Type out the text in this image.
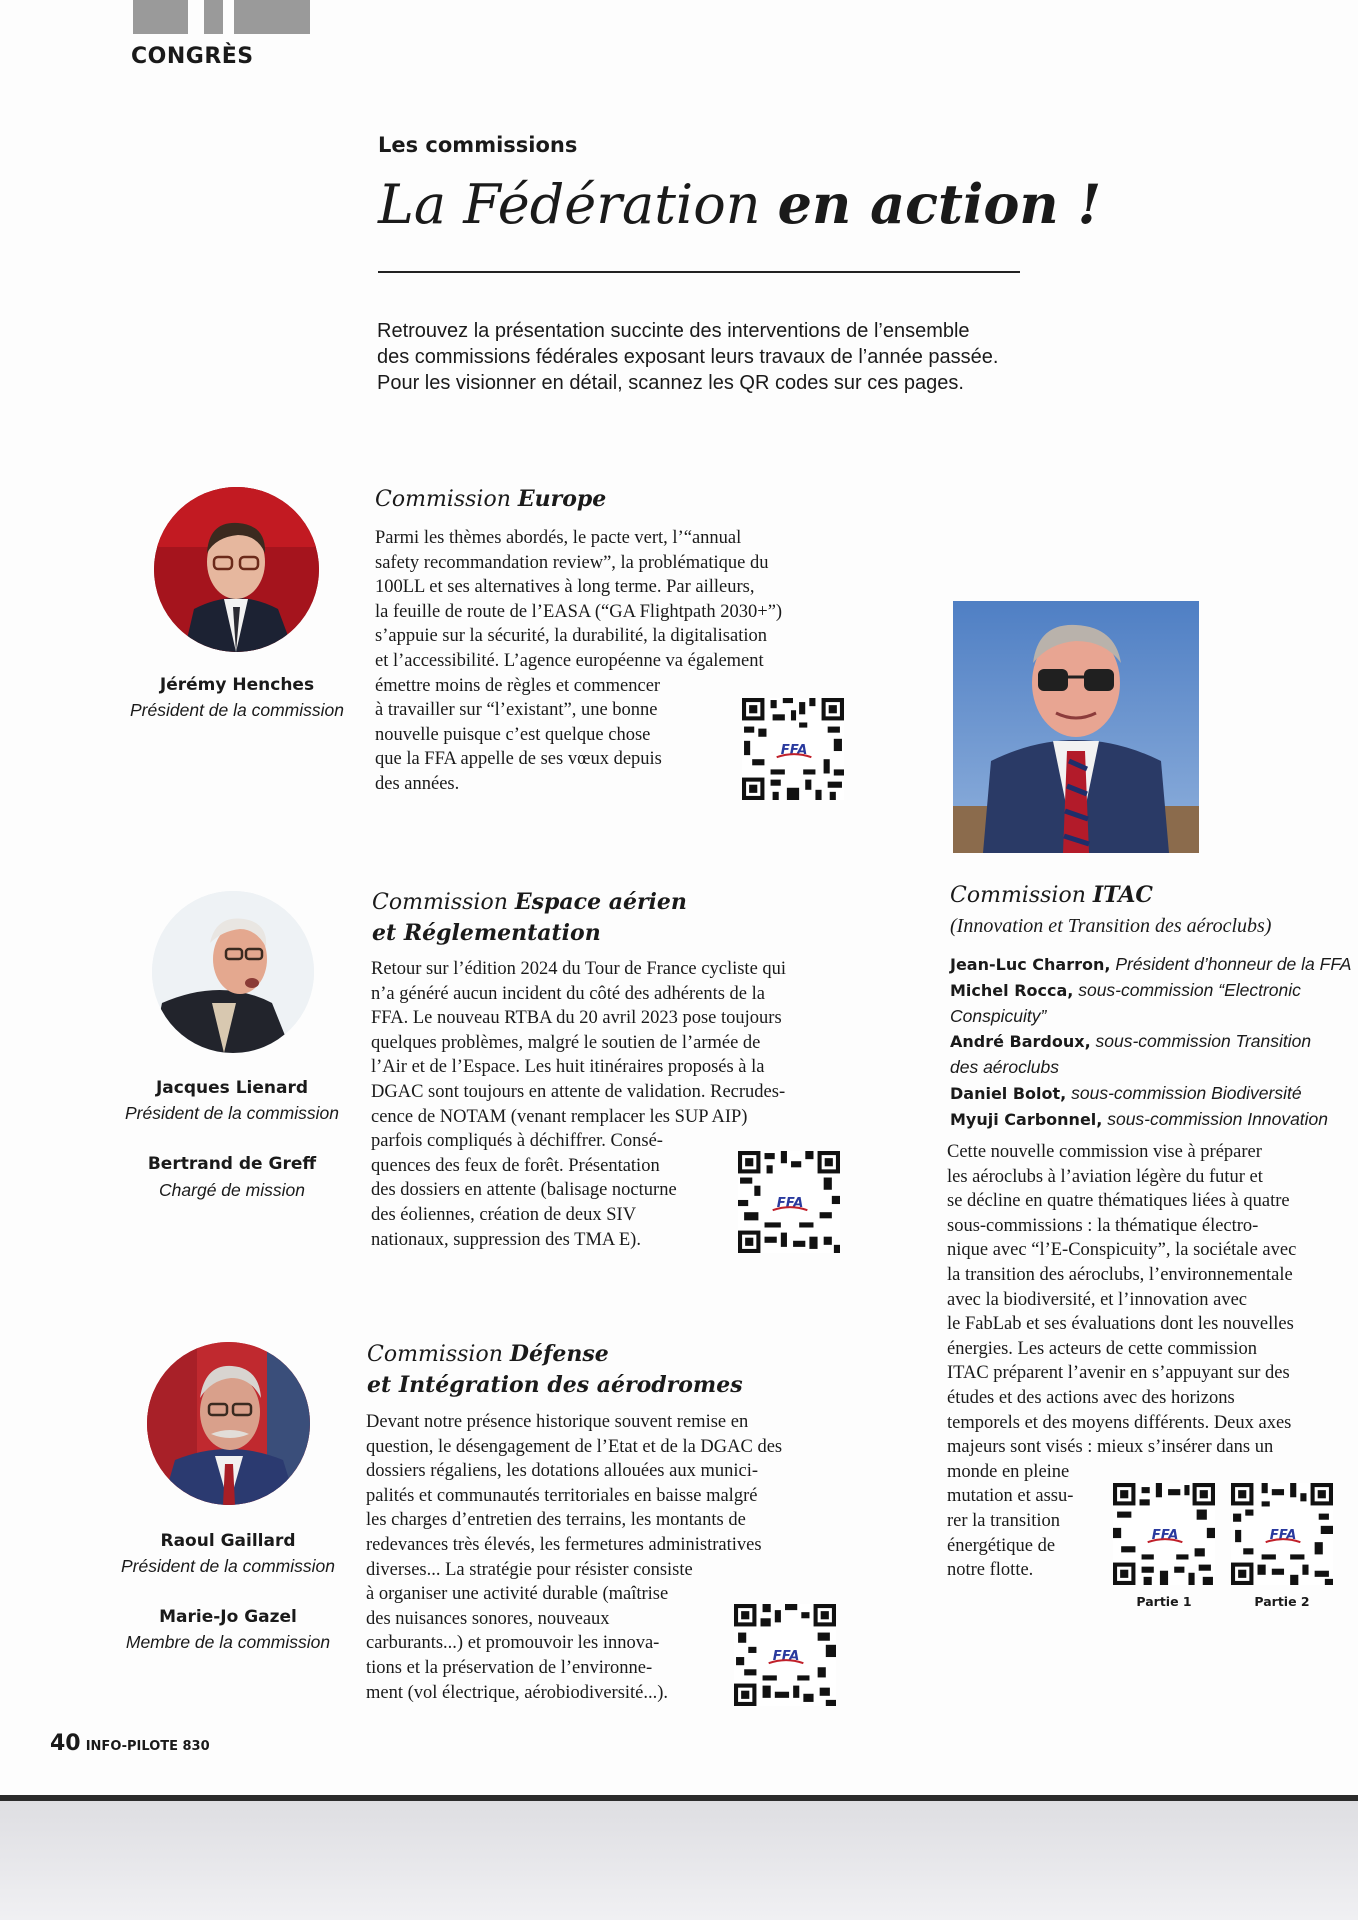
CONGRÈS
Les commissions
La Fédération en action !

Retrouvez la présentation succinte des interventions de l’ensemble

des commissions fédérales exposant leurs travaux de l’année passée.

Pour les visionner en détail, scannez les QR codes sur ces pages.

Jérémy Henches
Président de la commission
Commission Europe
Parmi les thèmes abordés, le pacte vert, l’“annual
safety recommandation review”, la problématique du
100LL et ses alternatives à long terme. Par ailleurs,
la feuille de route de l’EASA (“GA Flightpath 2030+”)
s’appuie sur la sécurité, la durabilité, la digitalisation
et l’accessibilité. L’agence européenne va également
émettre moins de règles et commencer
à travailler sur “l’existant”, une bonne
nouvelle puisque c’est quelque chose
que la FFA appelle de ses vœux depuis
des années.
FFA
Commission ITAC
(Innovation et Transition des aéroclubs)
Jean-Luc Charron, Président d’honneur de la FFA
Michel Rocca, sous-commission “Electronic
Conspicuity”
André Bardoux, sous-commission Transition
des aéroclubs
Daniel Bolot, sous-commission Biodiversité
Myuji Carbonnel, sous-commission Innovation
Cette nouvelle commission vise à préparer
les aéroclubs à l’aviation légère du futur et
se décline en quatre thématiques liées à quatre
sous-commissions : la thématique électro-
nique avec “l’E-Conspicuity”, la sociétale avec
la transition des aéroclubs, l’environnementale
avec la biodiversité, et l’innovation avec
le FabLab et ses évaluations dont les nouvelles
énergies. Les acteurs de cette commission
ITAC préparent l’avenir en s’appuyant sur des
études et des actions avec des horizons
temporels et des moyens différents. Deux axes
majeurs sont visés : mieux s’insérer dans un
monde en pleine
mutation et assu-
rer la transition
énergétique de
notre flotte.
FFA
Partie 1
FFA
Partie 2
Jacques Lienard
Président de la commission
Bertrand de Greff
Chargé de mission
Commission Espace aérien
et Réglementation
Retour sur l’édition 2024 du Tour de France cycliste qui
n’a généré aucun incident du côté des adhérents de la
FFA. Le nouveau RTBA du 20 avril 2023 pose toujours
quelques problèmes, malgré le soutien de l’armée de
l’Air et de l’Espace. Les huit itinéraires proposés à la
DGAC sont toujours en attente de validation. Recrudes-
cence de NOTAM (venant remplacer les SUP AIP)
parfois compliqués à déchiffrer. Consé-
quences des feux de forêt. Présentation
des dossiers en attente (balisage nocturne
des éoliennes, création de deux SIV
nationaux, suppression des TMA E).
FFA
Raoul Gaillard
Président de la commission
Marie-Jo Gazel
Membre de la commission
Commission Défense
et Intégration des aérodromes
Devant notre présence historique souvent remise en
question, le désengagement de l’Etat et de la DGAC des
dossiers régaliens, les dotations allouées aux munici-
palités et communautés territoriales en baisse malgré
les charges d’entretien des terrains, les montants de
redevances très élevés, les fermetures administratives
diverses... La stratégie pour résister consiste
à organiser une activité durable (maîtrise
des nuisances sonores, nouveaux
carburants...) et promouvoir les innova-
tions et la préservation de l’environne-
ment (vol électrique, aérobiodiversité...).
FFA
40 INFO-PILOTE 830
